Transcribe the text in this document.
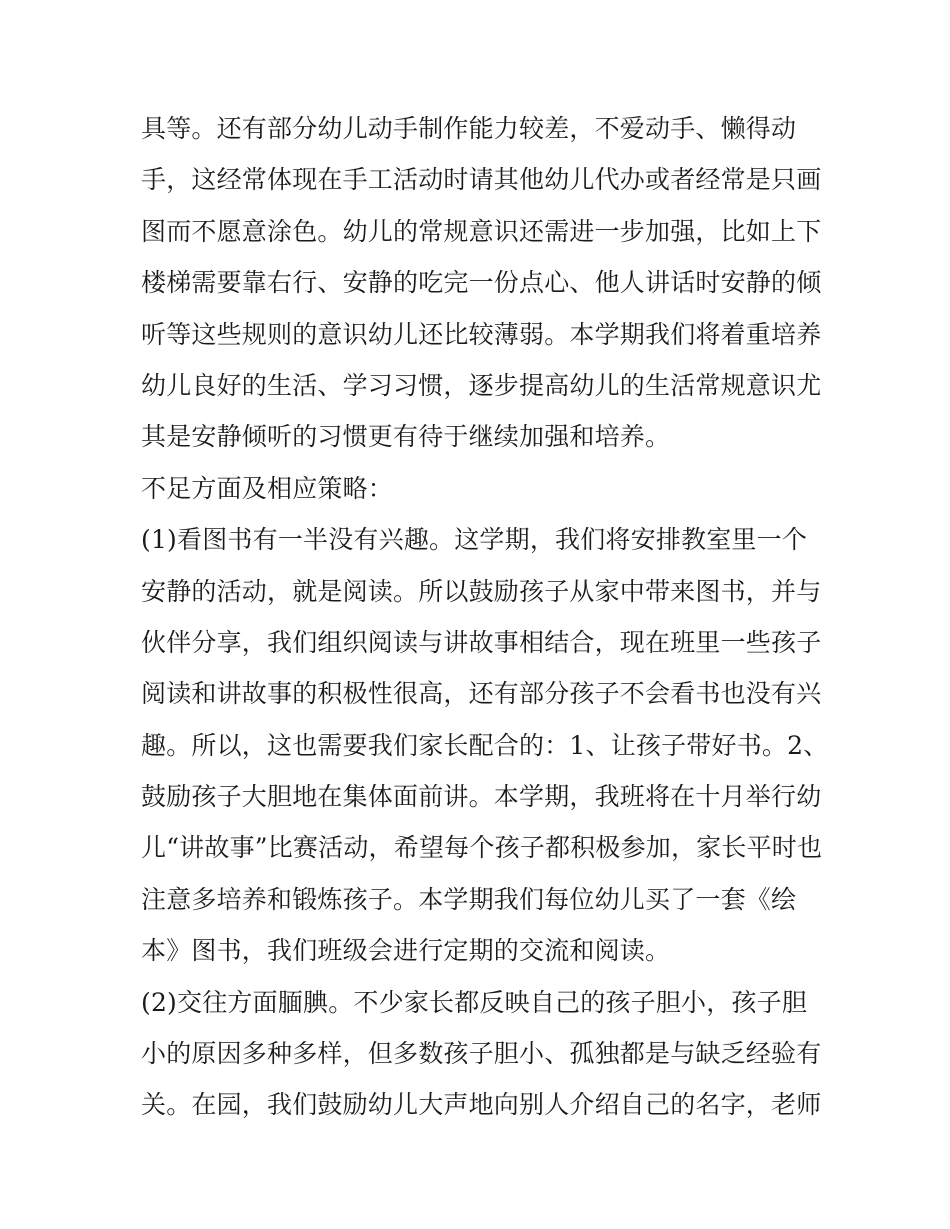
具等。还有部分幼儿动手制作能力较差，不爱动手、懒得动
手，这经常体现在手工活动时请其他幼儿代办或者经常是只画
图而不愿意涂色。幼儿的常规意识还需进一步加强，比如上下
楼梯需要靠右行、安静的吃完一份点心、他人讲话时安静的倾
听等这些规则的意识幼儿还比较薄弱。本学期我们将着重培养
幼儿良好的生活、学习习惯，逐步提高幼儿的生活常规意识尤
其是安静倾听的习惯更有待于继续加强和培养。
不足方面及相应策略：
(1)看图书有一半没有兴趣。这学期，我们将安排教室里一个
安静的活动，就是阅读。所以鼓励孩子从家中带来图书，并与
伙伴分享，我们组织阅读与讲故事相结合，现在班里一些孩子
阅读和讲故事的积极性很高，还有部分孩子不会看书也没有兴
趣。所以，这也需要我们家长配合的：1、让孩子带好书。2、
鼓励孩子大胆地在集体面前讲。本学期，我班将在十月举行幼
儿“讲故事”比赛活动，希望每个孩子都积极参加，家长平时也
注意多培养和锻炼孩子。本学期我们每位幼儿买了一套《绘
本》图书，我们班级会进行定期的交流和阅读。
(2)交往方面腼腆。不少家长都反映自己的孩子胆小，孩子胆
小的原因多种多样，但多数孩子胆小、孤独都是与缺乏经验有
关。在园，我们鼓励幼儿大声地向别人介绍自己的名字，老师
